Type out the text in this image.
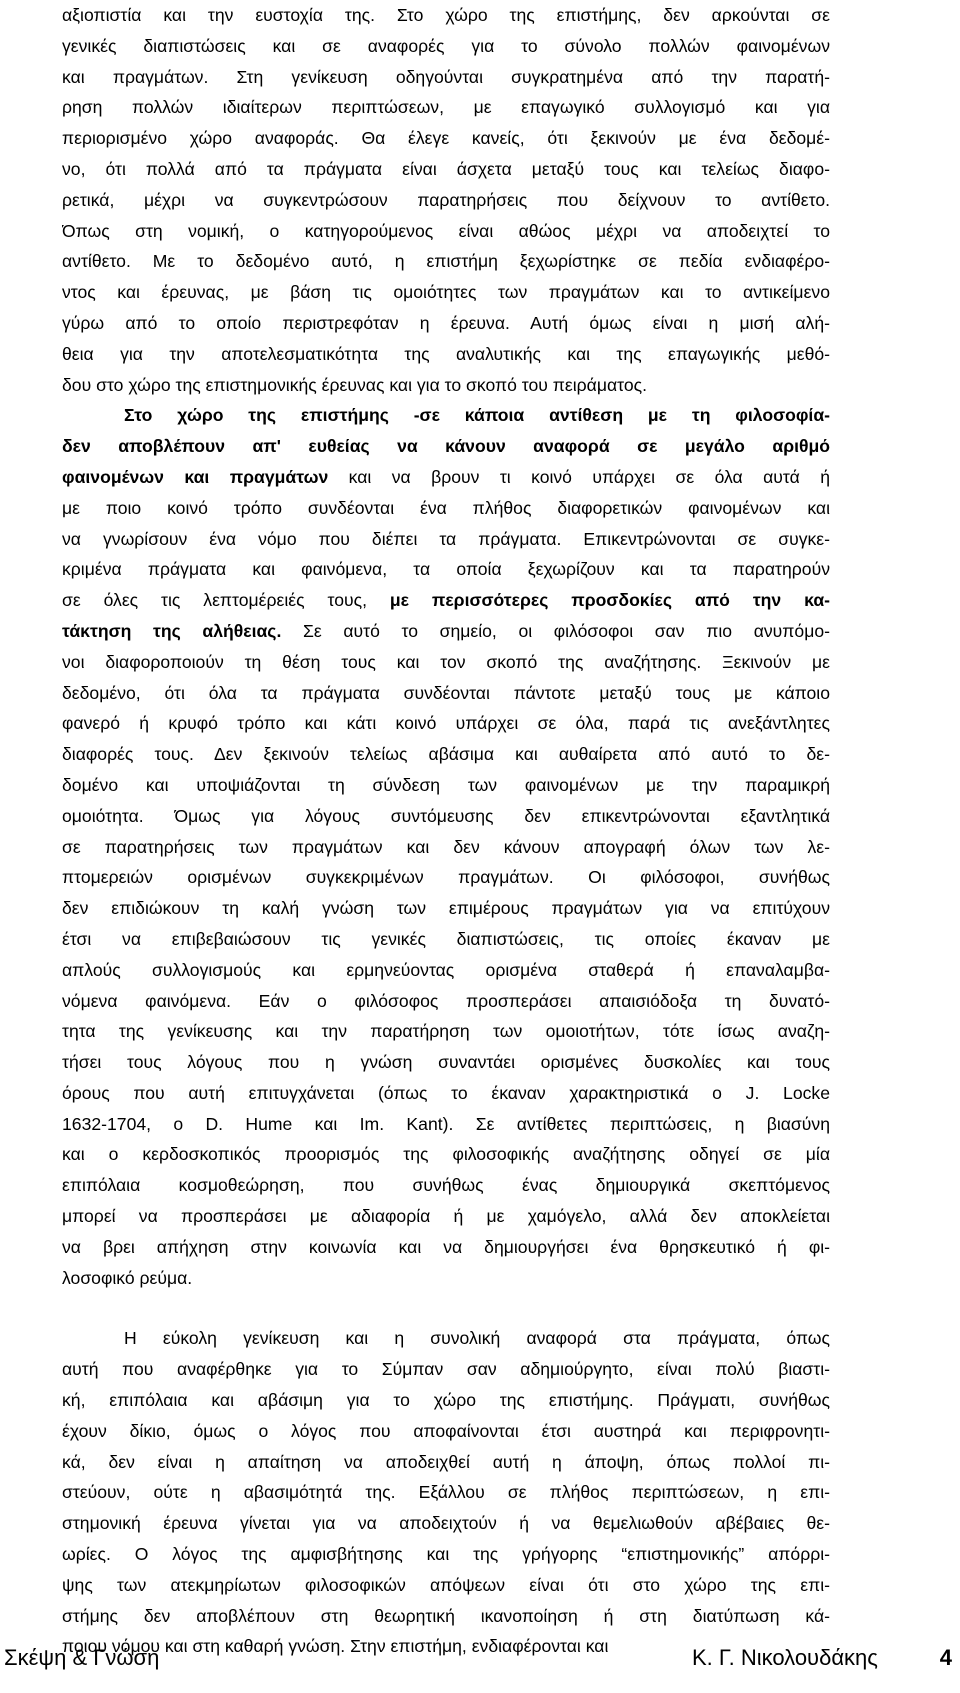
αξιοπιστία και την ευστοχία της. Στο χώρο της επιστήμης, δεν αρκούνται σε
γενικές διαπιστώσεις και σε αναφορές για το σύνολο πολλών φαινομένων
και πραγμάτων. Στη γενίκευση οδηγούνται συγκρατημένα από την παρατή-
ρηση πολλών ιδιαίτερων περιπτώσεων, με επαγωγικό συλλογισμό και για
περιορισμένο χώρο αναφοράς. Θα έλεγε κανείς, ότι ξεκινούν με ένα δεδομέ-
νο, ότι πολλά από τα πράγματα είναι άσχετα μεταξύ τους και τελείως διαφο-
ρετικά, μέχρι να συγκεντρώσουν παρατηρήσεις που δείχνουν το αντίθετο.
Όπως στη νομική, ο κατηγορούμενος είναι αθώος μέχρι να αποδειχτεί το
αντίθετο. Με το δεδομένο αυτό, η επιστήμη ξεχωρίστηκε σε πεδία ενδιαφέρο-
ντος και έρευνας, με βάση τις ομοιότητες των πραγμάτων και το αντικείμενο
γύρω από το οποίο περιστρεφόταν η έρευνα. Αυτή όμως είναι η μισή αλή-
θεια για την αποτελεσματικότητα της αναλυτικής και της επαγωγικής μεθό-
δου στο χώρο της επιστημονικής έρευνας και για το σκοπό του πειράματος.
Στο χώρο της επιστήμης -σε κάποια αντίθεση με τη φιλοσοφία-
δεν αποβλέπουν απ' ευθείας να κάνουν αναφορά σε μεγάλο αριθμό
φαινομένων και πραγμάτων και να βρουν τι κοινό υπάρχει σε όλα αυτά ή
με ποιο κοινό τρόπο συνδέονται ένα πλήθος διαφορετικών φαινομένων και
να γνωρίσουν ένα νόμο που διέπει τα πράγματα. Επικεντρώνονται σε συγκε-
κριμένα πράγματα και φαινόμενα, τα οποία ξεχωρίζουν και τα παρατηρούν
σε όλες τις λεπτομέρειές τους, με περισσότερες προσδοκίες από την κα-
τάκτηση της αλήθειας. Σε αυτό το σημείο, οι φιλόσοφοι σαν πιο ανυπόμο-
νοι διαφοροποιούν τη θέση τους και τον σκοπό της αναζήτησης. Ξεκινούν με
δεδομένο, ότι όλα τα πράγματα συνδέονται πάντοτε μεταξύ τους με κάποιο
φανερό ή κρυφό τρόπο και κάτι κοινό υπάρχει σε όλα, παρά τις ανεξάντλητες
διαφορές τους. Δεν ξεκινούν τελείως αβάσιμα και αυθαίρετα από αυτό το δε-
δομένο και υποψιάζονται τη σύνδεση των φαινομένων με την παραμικρή
ομοιότητα. Όμως για λόγους συντόμευσης δεν επικεντρώνονται εξαντλητικά
σε παρατηρήσεις των πραγμάτων και δεν κάνουν απογραφή όλων των λε-
πτομερειών ορισμένων συγκεκριμένων πραγμάτων. Οι φιλόσοφοι, συνήθως
δεν επιδιώκουν τη καλή γνώση των επιμέρους πραγμάτων για να επιτύχουν
έτσι να επιβεβαιώσουν τις γενικές διαπιστώσεις, τις οποίες έκαναν με
απλούς συλλογισμούς και ερμηνεύοντας ορισμένα σταθερά ή επαναλαμβα-
νόμενα φαινόμενα. Εάν ο φιλόσοφος προσπεράσει απαισιόδοξα τη δυνατό-
τητα της γενίκευσης και την παρατήρηση των ομοιοτήτων, τότε ίσως αναζη-
τήσει τους λόγους που η γνώση συναντάει ορισμένες δυσκολίες και τους
όρους που αυτή επιτυγχάνεται (όπως το έκαναν χαρακτηριστικά ο J. Locke
1632-1704, ο D. Hume και Im. Kant). Σε αντίθετες περιπτώσεις, η βιασύνη
και ο κερδοσκοπικός προορισμός της φιλοσοφικής αναζήτησης οδηγεί σε μία
επιπόλαια κοσμοθεώρηση, που συνήθως ένας δημιουργικά σκεπτόμενος
μπορεί να προσπεράσει με αδιαφορία ή με χαμόγελο, αλλά δεν αποκλείεται
να βρει απήχηση στην κοινωνία και να δημιουργήσει ένα θρησκευτικό ή φι-
λοσοφικό ρεύμα.
Η εύκολη γενίκευση και η συνολική αναφορά στα πράγματα, όπως
αυτή που αναφέρθηκε για το Σύμπαν σαν αδημιούργητο, είναι πολύ βιαστι-
κή, επιπόλαια και αβάσιμη για το χώρο της επιστήμης. Πράγματι, συνήθως
έχουν δίκιο, όμως ο λόγος που αποφαίνονται έτσι αυστηρά και περιφρονητι-
κά, δεν είναι η απαίτηση να αποδειχθεί αυτή η άποψη, όπως πολλοί πι-
στεύουν, ούτε η αβασιμότητά της. Εξάλλου σε πλήθος περιπτώσεων, η επι-
στημονική έρευνα γίνεται για να αποδειχτούν ή να θεμελιωθούν αβέβαιες θε-
ωρίες. Ο λόγος της αμφισβήτησης και της γρήγορης “επιστημονικής” απόρρι-
ψης των ατεκμηρίωτων φιλοσοφικών απόψεων είναι ότι στο χώρο της επι-
στήμης δεν αποβλέπουν στη θεωρητική ικανοποίηση ή στη διατύπωση κά-
ποιου νόμου και στη καθαρή γνώση. Στην επιστήμη, ενδιαφέρονται και
Σκέψη & Γνώση	Κ. Γ. Νικολουδάκης	4
